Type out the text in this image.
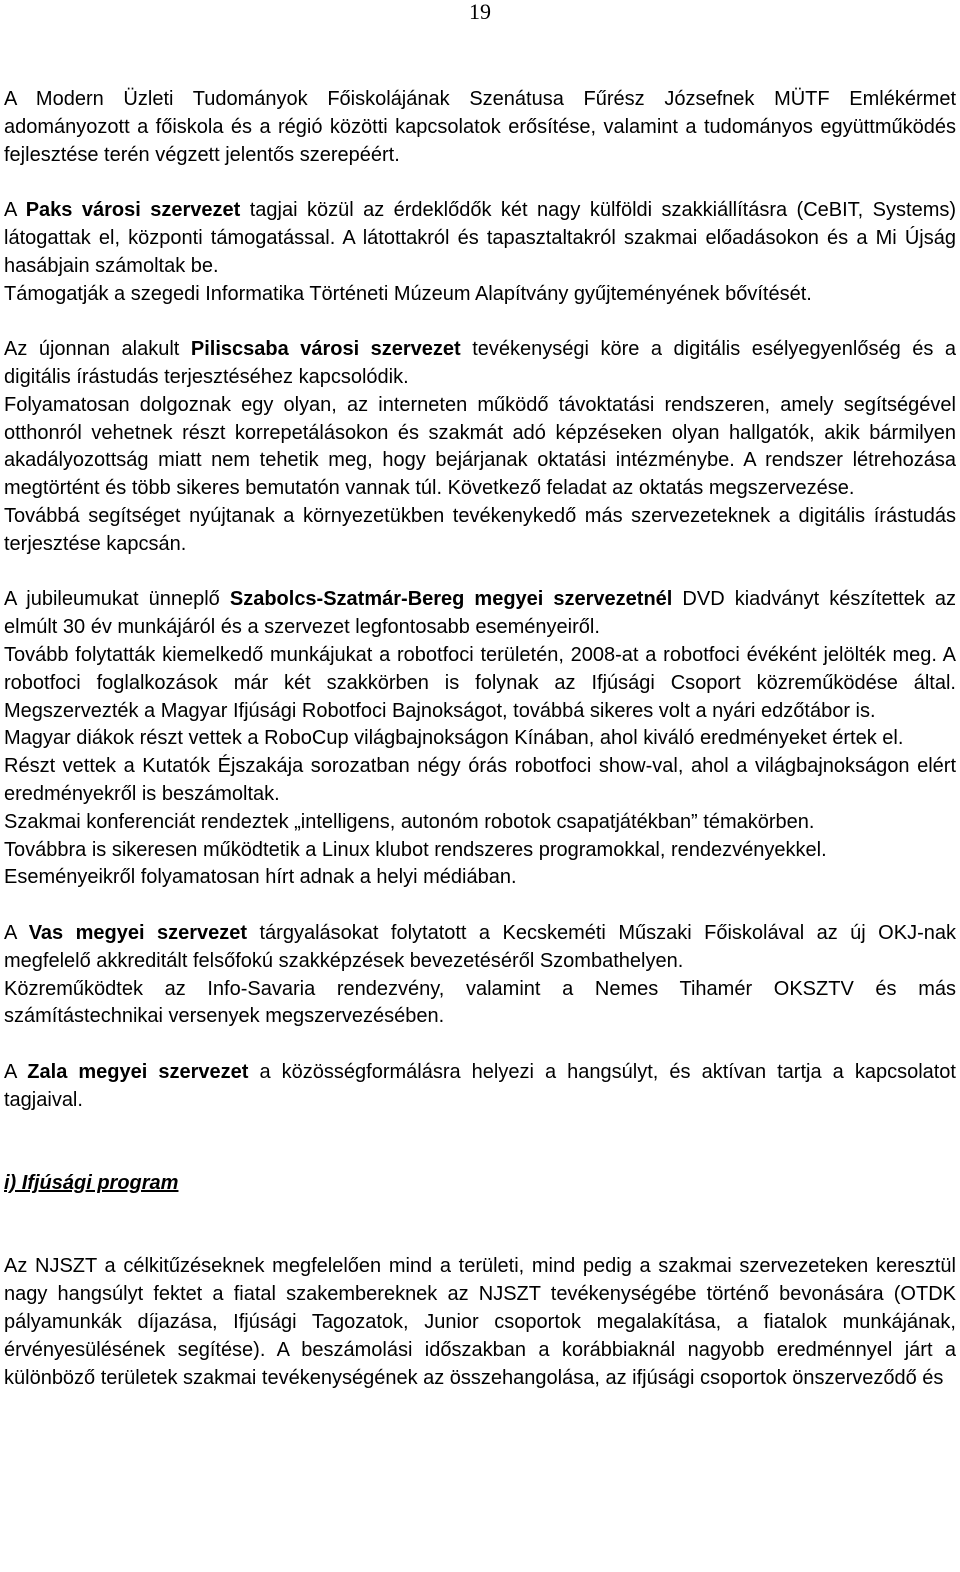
19

A Modern Üzleti Tudományok Főiskolájának Szenátusa Fűrész Józsefnek MÜTF Emlékérmet adományozott a főiskola és a régió közötti kapcsolatok erősítése, valamint a tudományos együttműködés fejlesztése terén végzett jelentős szerepéért.

A Paks városi szervezet tagjai közül az érdeklődők két nagy külföldi szakkiállításra (CeBIT, Systems) látogattak el, központi támogatással. A látottakról és tapasztaltakról szakmai előadásokon és a Mi Újság hasábjain számoltak be.

Támogatják a szegedi Informatika Történeti Múzeum Alapítvány gyűjteményének bővítését.

Az újonnan alakult Piliscsaba városi szervezet tevékenységi köre a digitális esélyegyenlőség és a digitális írástudás terjesztéséhez kapcsolódik.

Folyamatosan dolgoznak egy olyan, az interneten működő távoktatási rendszeren, amely segítségével otthonról vehetnek részt korrepetálásokon és szakmát adó képzéseken olyan hallgatók, akik bármilyen akadályozottság miatt nem tehetik meg, hogy bejárjanak oktatási intézménybe. A rendszer létrehozása megtörtént és több sikeres bemutatón vannak túl. Következő feladat az oktatás megszervezése.

Továbbá segítséget nyújtanak a környezetükben tevékenykedő más szervezeteknek a digitális írástudás terjesztése kapcsán.

A jubileumukat ünneplő Szabolcs-Szatmár-Bereg megyei szervezetnél DVD kiadványt készítettek az elmúlt 30 év munkájáról és a szervezet legfontosabb eseményeiről.

Tovább folytatták kiemelkedő munkájukat a robotfoci területén, 2008-at a robotfoci évéként jelölték meg. A robotfoci foglalkozások már két szakkörben is folynak az Ifjúsági Csoport közreműködése által. Megszervezték a Magyar Ifjúsági Robotfoci Bajnokságot, továbbá sikeres volt a nyári edzőtábor is.

Magyar diákok részt vettek a RoboCup világbajnokságon Kínában, ahol kiváló eredményeket értek el.

Részt vettek a Kutatók Éjszakája sorozatban négy órás robotfoci show-val, ahol a világbajnokságon elért eredményekről is beszámoltak.

Szakmai konferenciát rendeztek „intelligens, autonóm robotok csapatjátékban” témakörben.

Továbbra is sikeresen működtetik a Linux klubot rendszeres programokkal, rendezvényekkel.

Eseményeikről folyamatosan hírt adnak a helyi médiában.

A Vas megyei szervezet tárgyalásokat folytatott a Kecskeméti Műszaki Főiskolával az új OKJ-nak megfelelő akkreditált felsőfokú szakképzések bevezetéséről Szombathelyen.

Közreműködtek az Info-Savaria rendezvény, valamint a Nemes Tihamér OKSZTV és más számítástechnikai versenyek megszervezésében.

A Zala megyei szervezet a közösségformálásra helyezi a hangsúlyt, és aktívan tartja a kapcsolatot tagjaival.

i) Ifjúsági program

Az NJSZT a célkitűzéseknek megfelelően mind a területi, mind pedig a szakmai szervezeteken keresztül nagy hangsúlyt fektet a fiatal szakembereknek az NJSZT tevékenységébe történő bevonására (OTDK pályamunkák díjazása, Ifjúsági Tagozatok, Junior csoportok megalakítása, a fiatalok munkájának, érvényesülésének segítése). A beszámolási időszakban a korábbiaknál nagyobb eredménnyel járt a különböző területek szakmai tevékenységének az összehangolása, az ifjúsági csoportok önszerveződő és
